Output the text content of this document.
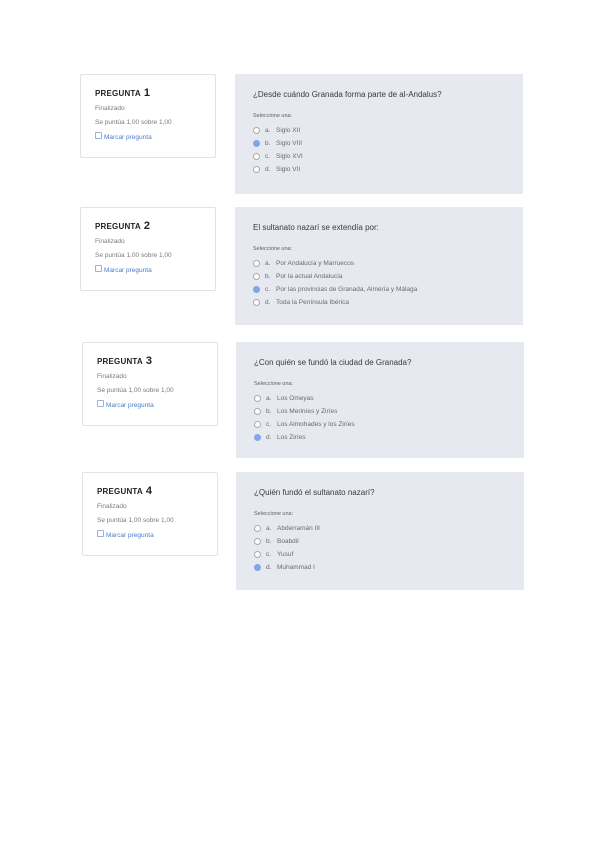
PREGUNTA 1
Finalizado
Se puntúa 1,00 sobre 1,00
Marcar pregunta
¿Desde cuándo Granada forma parte de al-Andalus?
Seleccione una:
a. Siglo XII
b. Siglo VIII
c. Siglo XVI
d. Siglo VII
PREGUNTA 2
Finalizado
Se puntúa 1,00 sobre 1,00
Marcar pregunta
El sultanato nazarí se extendía por:
Seleccione una:
a. Por Andalucía y Marruecos
b. Por la actual Andalucía
c. Por las provincias de Granada, Almería y Málaga
d. Toda la Península Ibérica
PREGUNTA 3
Finalizado
Se puntúa 1,00 sobre 1,00
Marcar pregunta
¿Con quién se fundó la ciudad de Granada?
Seleccione una:
a. Los Omeyas
b. Los Meriníes y Ziríes
c. Los Almohades y los Ziríes
d. Los Ziríes
PREGUNTA 4
Finalizado
Se puntúa 1,00 sobre 1,00
Marcar pregunta
¿Quién fundó el sultanato nazarí?
Seleccione una:
a. Abderramán III
b. Boabdil
c. Yusuf
d. Muhammad I
